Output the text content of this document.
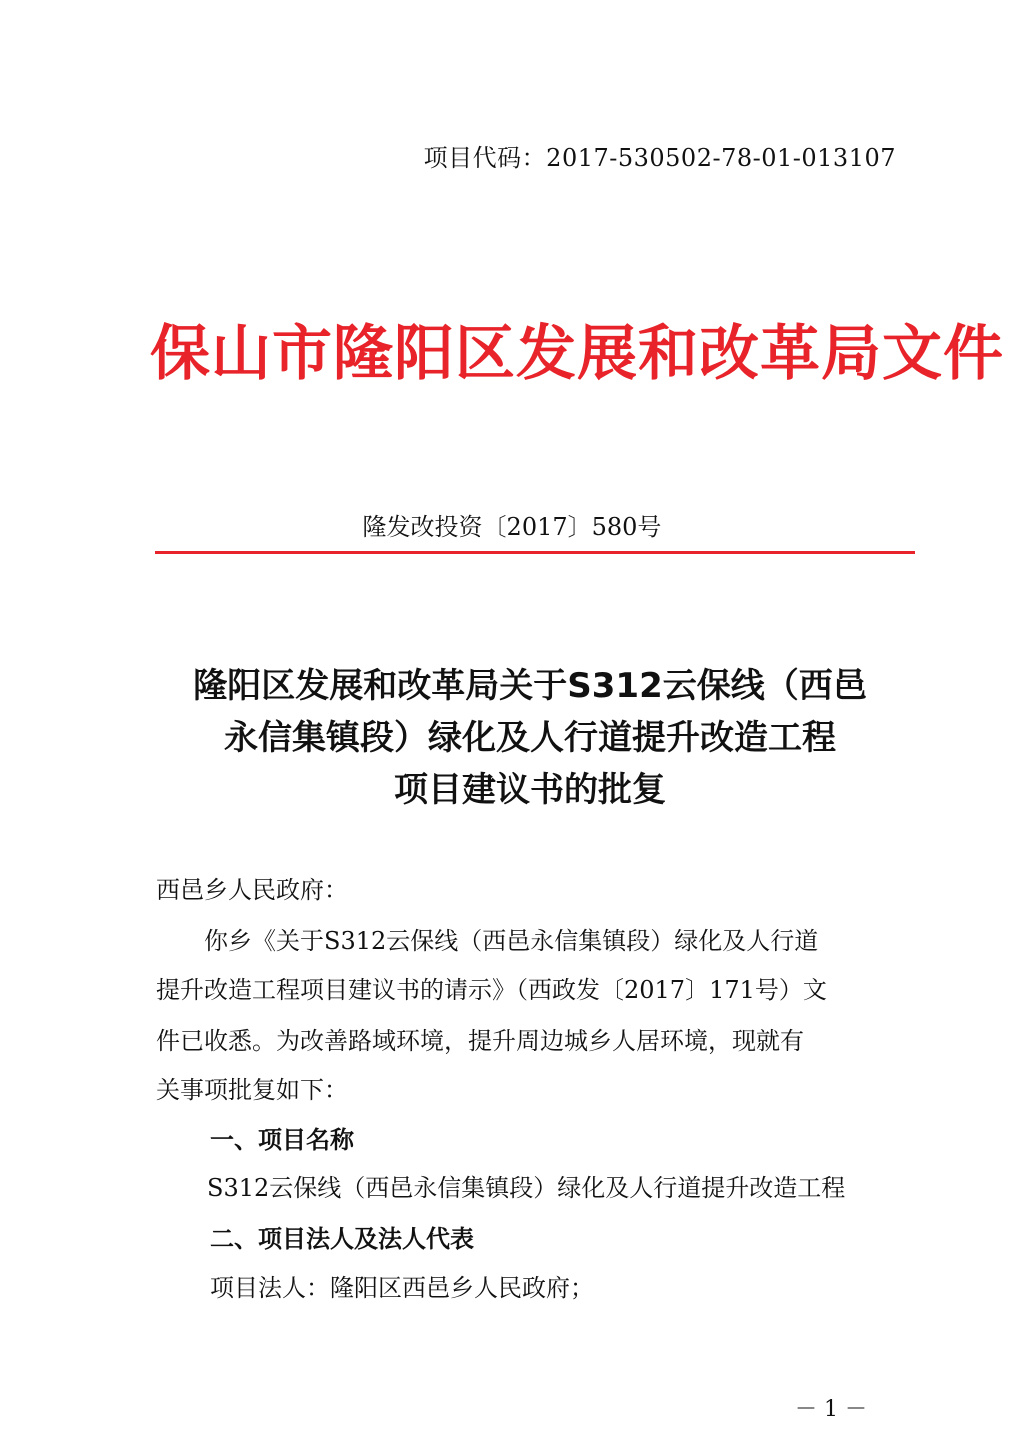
项目代码：2017-530502-78-01-013107
保山市隆阳区发展和改革局文件
隆发改投资〔2017〕580号
隆阳区发展和改革局关于S312云保线（西邑
永信集镇段）绿化及人行道提升改造工程
项目建议书的批复
西邑乡人民政府：
　　你乡《关于S312云保线（西邑永信集镇段）绿化及人行道
提升改造工程项目建议书的请示》（西政发〔2017〕171号）文
件已收悉。为改善路域环境，提升周边城乡人居环境，现就有
关事项批复如下：
一、项目名称
S312云保线（西邑永信集镇段）绿化及人行道提升改造工程
二、项目法人及法人代表
项目法人：隆阳区西邑乡人民政府；
－ 1 －
